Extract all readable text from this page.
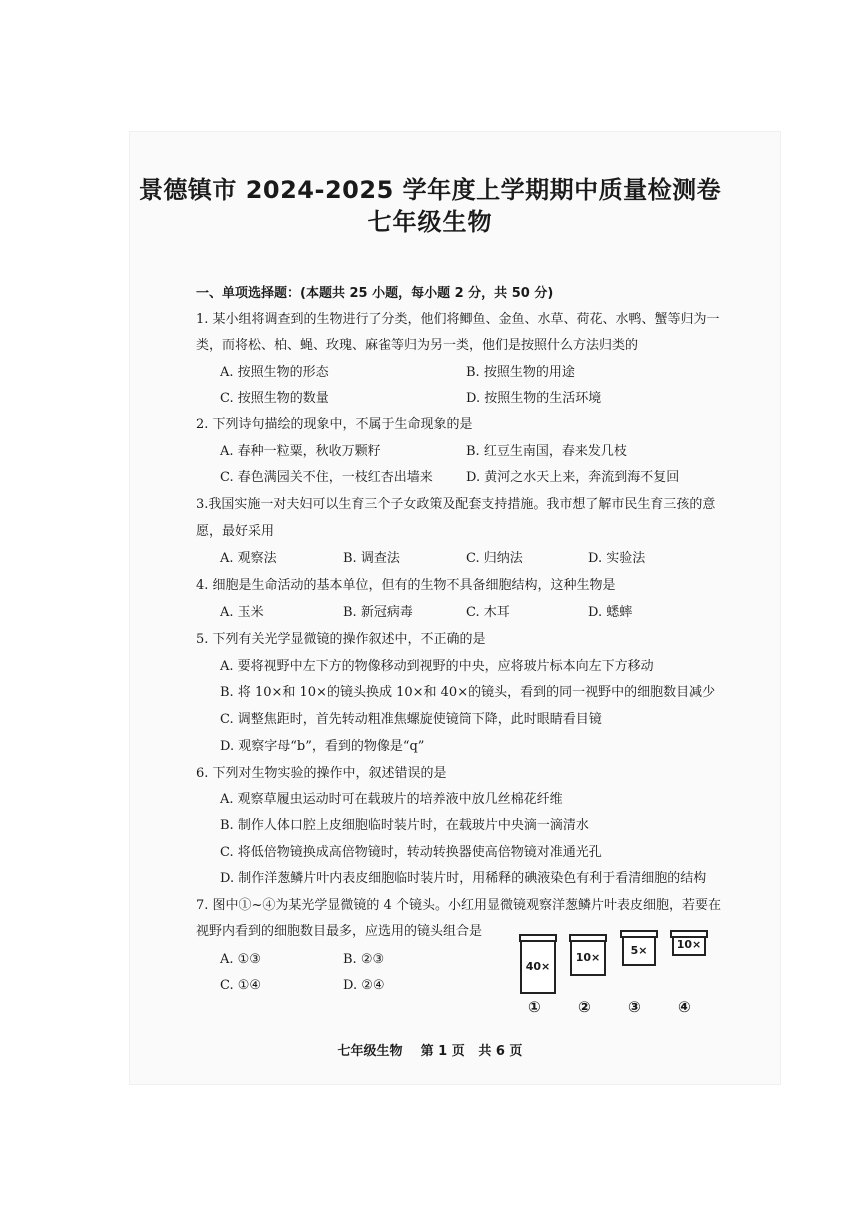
景德镇市 2024-2025 学年度上学期期中质量检测卷
七年级生物
一、单项选择题：(本题共 25 小题，每小题 2 分，共 50 分)
1. 某小组将调查到的生物进行了分类，他们将鲫鱼、金鱼、水草、荷花、水鸭、蟹等归为一
类，而将松、柏、蝇、玫瑰、麻雀等归为另一类，他们是按照什么方法归类的
A. 按照生物的形态	B. 按照生物的用途
C. 按照生物的数量	D. 按照生物的生活环境
2. 下列诗句描绘的现象中，不属于生命现象的是
A. 春种一粒粟，秋收万颗籽	B. 红豆生南国，春来发几枝
C. 春色满园关不住，一枝红杏出墙来	D. 黄河之水天上来，奔流到海不复回
3.我国实施一对夫妇可以生育三个子女政策及配套支持措施。我市想了解市民生育三孩的意
愿，最好采用
A. 观察法	B. 调查法	C. 归纳法	D. 实验法
4. 细胞是生命活动的基本单位，但有的生物不具备细胞结构，这种生物是
A. 玉米	B. 新冠病毒	C. 木耳	D. 蟋蟀
5. 下列有关光学显微镜的操作叙述中，不正确的是
A. 要将视野中左下方的物像移动到视野的中央，应将玻片标本向左下方移动
B. 将 10×和 10×的镜头换成 10×和 40×的镜头，看到的同一视野中的细胞数目减少
C. 调整焦距时，首先转动粗准焦螺旋使镜筒下降，此时眼睛看目镜
D. 观察字母“b”，看到的物像是“q”
6. 下列对生物实验的操作中，叙述错误的是
A. 观察草履虫运动时可在载玻片的培养液中放几丝棉花纤维
B. 制作人体口腔上皮细胞临时装片时，在载玻片中央滴一滴清水
C. 将低倍物镜换成高倍物镜时，转动转换器使高倍物镜对准通光孔
D. 制作洋葱鳞片叶内表皮细胞临时装片时，用稀释的碘液染色有利于看清细胞的结构
7. 图中①~④为某光学显微镜的 4 个镜头。小红用显微镜观察洋葱鳞片叶表皮细胞，若要在
视野内看到的细胞数目最多，应选用的镜头组合是
A. ①③	B. ②③
C. ①④	D. ②④
40×
10×
5×	10×
① ② ③ ④
七年级生物    第 1 页   共 6 页
